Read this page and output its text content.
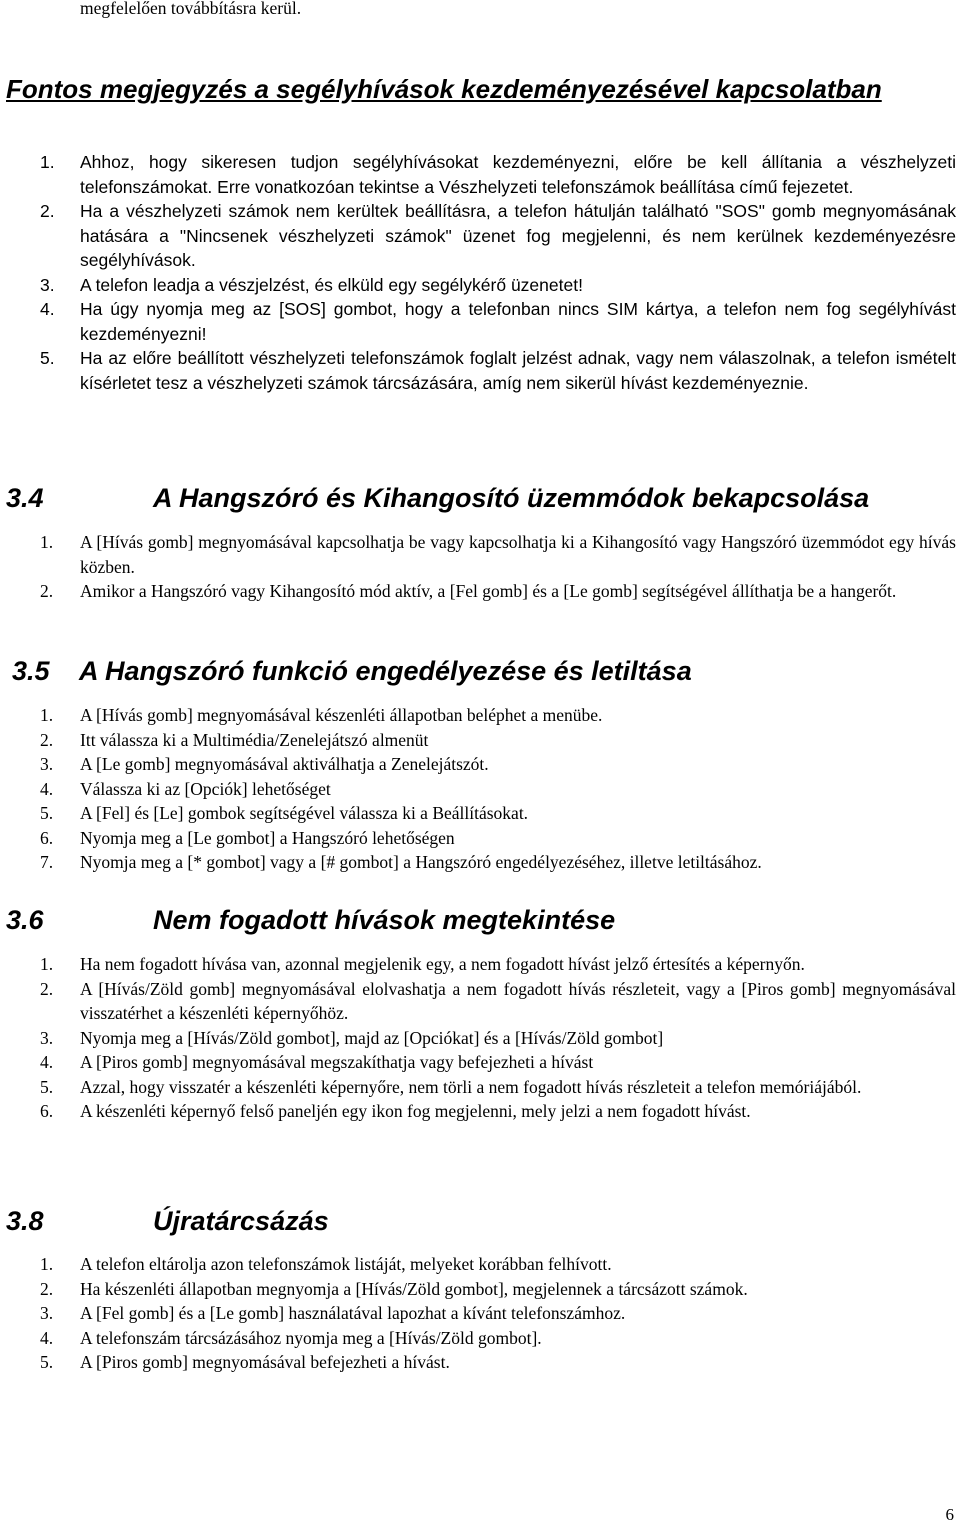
megfelelően továbbításra kerül.
Fontos megjegyzés a segélyhívások kezdeményezésével kapcsolatban
1. Ahhoz, hogy sikeresen tudjon segélyhívásokat kezdeményezni, előre be kell állítania a vészhelyzeti telefonszámokat. Erre vonatkozóan tekintse a Vészhelyzeti telefonszámok beállítása című fejezetet.
2. Ha a vészhelyzeti számok nem kerültek beállításra, a telefon hátulján található "SOS" gomb megnyomásának hatására a "Nincsenek vészhelyzeti számok" üzenet fog megjelenni, és nem kerülnek kezdeményezésre segélyhívások.
3. A telefon leadja a vészjelzést, és elküld egy segélykérő üzenetet!
4. Ha úgy nyomja meg az [SOS] gombot, hogy a telefonban nincs SIM kártya, a telefon nem fog segélyhívást kezdeményezni!
5. Ha az előre beállított vészhelyzeti telefonszámok foglalt jelzést adnak, vagy nem válaszolnak, a telefon ismételt kísérletet tesz a vészhelyzeti számok tárcsázására, amíg nem sikerül hívást kezdeményeznie.
3.4	A Hangszóró és Kihangosító üzemmódok bekapcsolása
1. A [Hívás gomb] megnyomásával kapcsolhatja be vagy kapcsolhatja ki a Kihangosító vagy Hangszóró üzemmódot egy hívás közben.
2. Amikor a Hangszóró vagy Kihangosító mód aktív, a [Fel gomb] és a [Le gomb] segítségével állíthatja be a hangerőt.
3.5 A Hangszóró funkció engedélyezése és letiltása
1. A [Hívás gomb] megnyomásával készenléti állapotban beléphet a menübe.
2. Itt válassza ki a Multimédia/Zenelejátszó almenüt
3. A [Le gomb] megnyomásával aktiválhatja a Zenelejátszót.
4. Válassza ki az [Opciók] lehetőséget
5. A [Fel] és [Le] gombok segítségével válassza ki a Beállításokat.
6. Nyomja meg a [Le gombot] a Hangszóró lehetőségen
7. Nyomja meg a [* gombot] vagy a [# gombot] a Hangszóró engedélyezéséhez, illetve letiltásához.
3.6	Nem fogadott hívások megtekintése
1. Ha nem fogadott hívása van, azonnal megjelenik egy, a nem fogadott hívást jelző értesítés a képernyőn.
2. A [Hívás/Zöld gomb] megnyomásával elolvashatja a nem fogadott hívás részleteit, vagy a [Piros gomb] megnyomásával visszatérhet a készenléti képernyőhöz.
3. Nyomja meg a [Hívás/Zöld gombot], majd az [Opciókat] és a [Hívás/Zöld gombot]
4. A [Piros gomb] megnyomásával megszakíthatja vagy befejezheti a hívást
5. Azzal, hogy visszatér a készenléti képernyőre, nem törli a nem fogadott hívás részleteit a telefon memóriájából.
6. A készenléti képernyő felső paneljén egy ikon fog megjelenni, mely jelzi a nem fogadott hívást.
3.8	Újratárcsázás
1. A telefon eltárolja azon telefonszámok listáját, melyeket korábban felhívott.
2. Ha készenléti állapotban megnyomja a [Hívás/Zöld gombot], megjelennek a tárcsázott számok.
3. A [Fel gomb] és a [Le gomb] használatával lapozhat a kívánt telefonszámhoz.
4. A telefonszám tárcsázásához nyomja meg a [Hívás/Zöld gombot].
5. A [Piros gomb] megnyomásával befejezheti a hívást.
6
